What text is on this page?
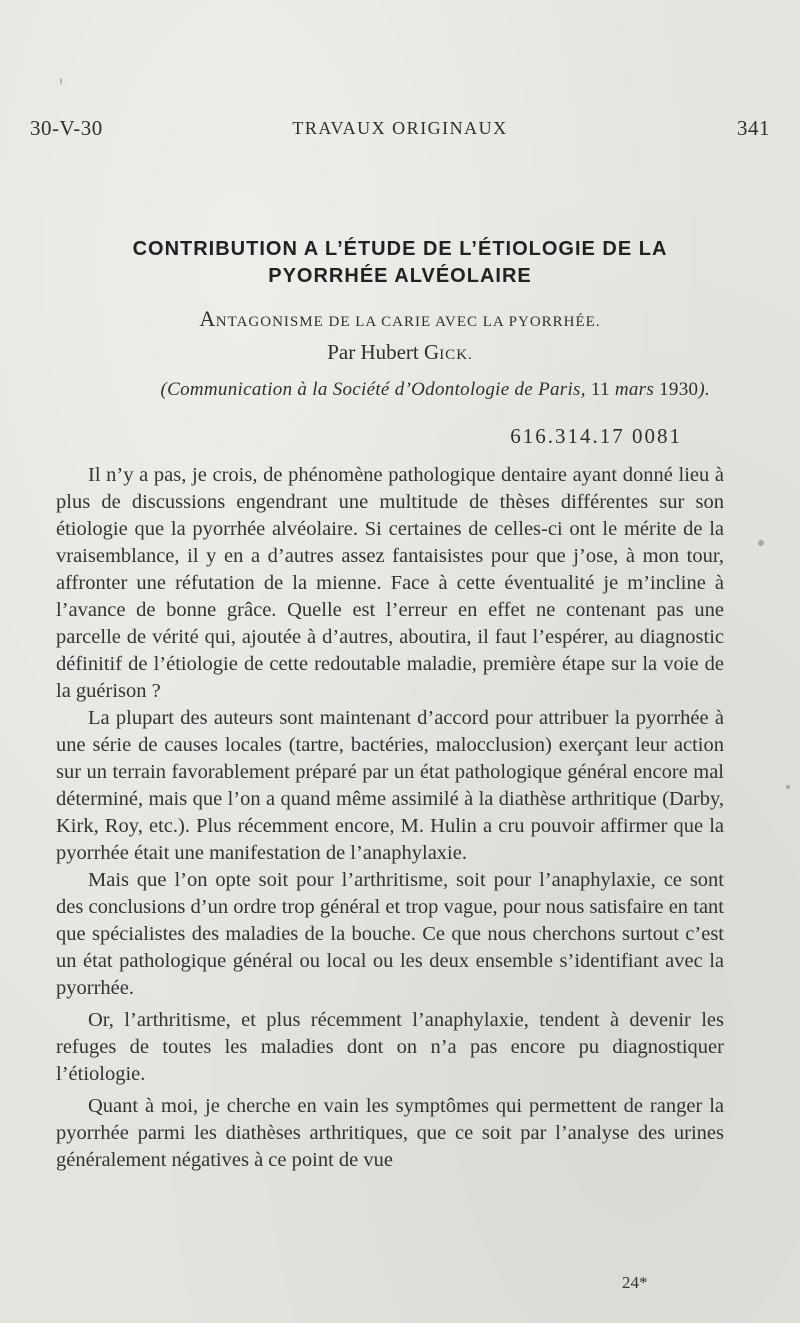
30-V-30	TRAVAUX ORIGINAUX	341
CONTRIBUTION A L’ÉTUDE DE L’ÉTIOLOGIE DE LA
PYORRHÉE ALVÉOLAIRE
ANTAGONISME DE LA CARIE AVEC LA PYORRHÉE.
Par Hubert GICK.
(Communication à la Société d’Odontologie de Paris, 11 mars 1930).
616.314.17 0081

Il n’y a pas, je crois, de phénomène pathologique dentaire ayant donné lieu à plus de discussions engendrant une multitude de thèses différentes sur son étiologie que la pyorrhée alvéolaire. Si certaines de celles-ci ont le mérite de la vraisemblance, il y en a d’autres assez fantaisistes pour que j’ose, à mon tour, affronter une réfutation de la mienne. Face à cette éventualité je m’incline à l’avance de bonne grâce. Quelle est l’erreur en effet ne contenant pas une parcelle de vérité qui, ajoutée à d’autres, aboutira, il faut l’espérer, au diagnostic définitif de l’étiologie de cette redoutable maladie, première étape sur la voie de la guérison ?

La plupart des auteurs sont maintenant d’accord pour attribuer la pyorrhée à une série de causes locales (tartre, bactéries, malocclusion) exerçant leur action sur un terrain favorablement préparé par un état pathologique général encore mal déterminé, mais que l’on a quand même assimilé à la diathèse arthritique (Darby, Kirk, Roy, etc.). Plus récemment encore, M. Hulin a cru pouvoir affirmer que la pyorrhée était une manifestation de l’anaphylaxie.

Mais que l’on opte soit pour l’arthritisme, soit pour l’anaphylaxie, ce sont des conclusions d’un ordre trop général et trop vague, pour nous satisfaire en tant que spécialistes des maladies de la bouche. Ce que nous cherchons surtout c’est un état pathologique général ou local ou les deux ensemble s’identifiant avec la pyorrhée.

Or, l’arthritisme, et plus récemment l’anaphylaxie, tendent à devenir les refuges de toutes les maladies dont on n’a pas encore pu diagnostiquer l’étiologie.

Quant à moi, je cherche en vain les symptômes qui permettent de ranger la pyorrhée parmi les diathèses arthritiques, que ce soit par l’analyse des urines généralement négatives à ce point de vue

24*
